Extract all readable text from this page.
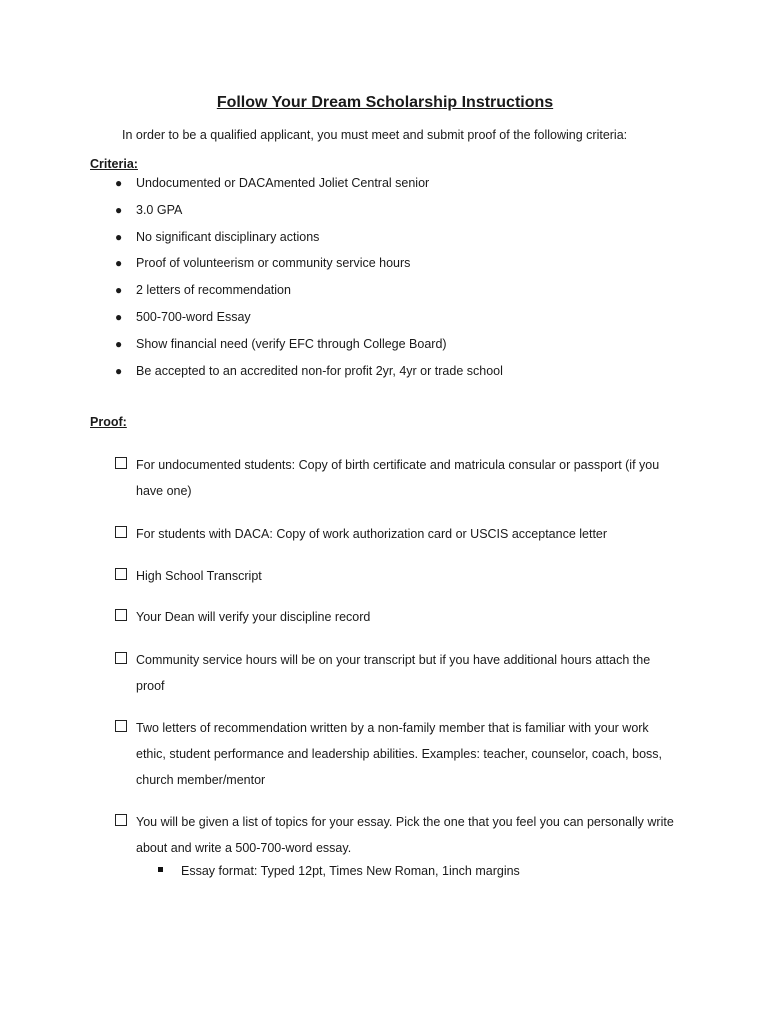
Follow Your Dream Scholarship Instructions
In order to be a qualified applicant, you must meet and submit proof of the following criteria:
Criteria:
● Undocumented or DACAmented Joliet Central senior
● 3.0 GPA
● No significant disciplinary actions
● Proof of volunteerism or community service hours
● 2 letters of recommendation
● 500-700-word Essay
● Show financial need (verify EFC through College Board)
● Be accepted to an accredited non-for profit 2yr, 4yr or trade school
Proof:
For undocumented students: Copy of birth certificate and matricula consular or passport (if you have one)
For students with DACA: Copy of work authorization card or USCIS acceptance letter
High School Transcript
Your Dean will verify your discipline record
Community service hours will be on your transcript but if you have additional hours attach the proof
Two letters of recommendation written by a non-family member that is familiar with your work ethic, student performance and leadership abilities. Examples: teacher, counselor, coach, boss, church member/mentor
You will be given a list of topics for your essay. Pick the one that you feel you can personally write about and write a 500-700-word essay.
Essay format: Typed 12pt, Times New Roman, 1inch margins
